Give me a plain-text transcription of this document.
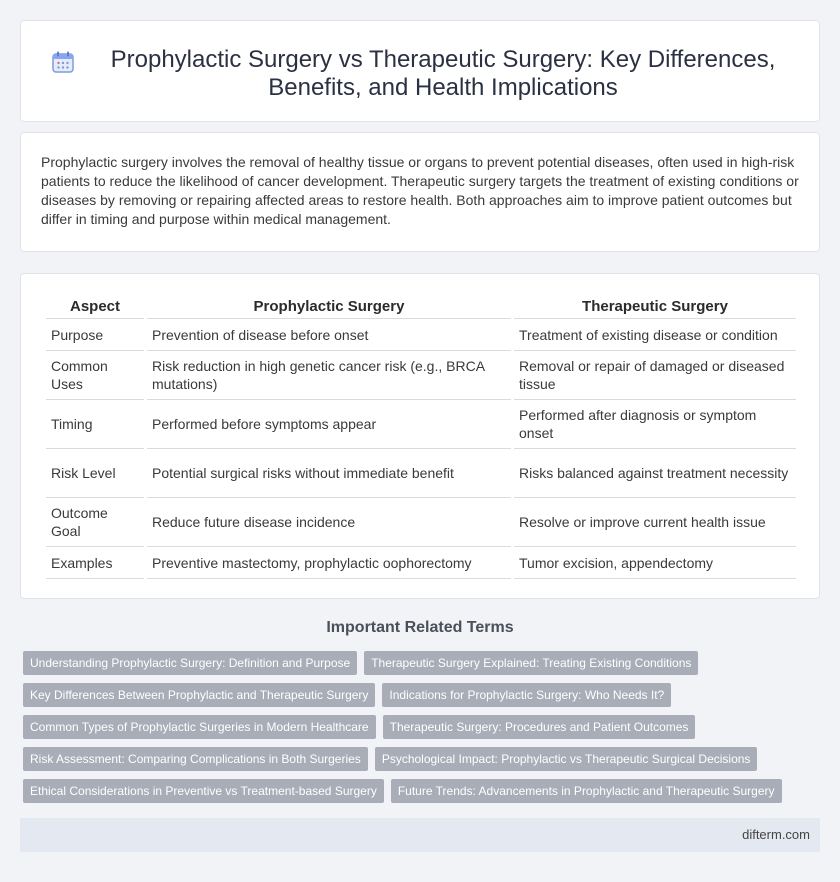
Prophylactic Surgery vs Therapeutic Surgery: Key Differences, Benefits, and Health Implications

Prophylactic surgery involves the removal of healthy tissue or organs to prevent potential diseases, often used in high-risk patients to reduce the likelihood of cancer development. Therapeutic surgery targets the treatment of existing conditions or diseases by removing or repairing affected areas to restore health. Both approaches aim to improve patient outcomes but differ in timing and purpose within medical management.

Aspect	Prophylactic Surgery	Therapeutic Surgery
Purpose	Prevention of disease before onset	Treatment of existing disease or condition
Common Uses	Risk reduction in high genetic cancer risk (e.g., BRCA mutations)	Removal or repair of damaged or diseased tissue
Timing	Performed before symptoms appear	Performed after diagnosis or symptom onset
Risk Level	Potential surgical risks without immediate benefit	Risks balanced against treatment necessity
Outcome Goal	Reduce future disease incidence	Resolve or improve current health issue
Examples	Preventive mastectomy, prophylactic oophorectomy	Tumor excision, appendectomy
Important Related Terms
Understanding Prophylactic Surgery: Definition and Purpose Therapeutic Surgery Explained: Treating Existing Conditions
Key Differences Between Prophylactic and Therapeutic Surgery Indications for Prophylactic Surgery: Who Needs It?
Common Types of Prophylactic Surgeries in Modern Healthcare Therapeutic Surgery: Procedures and Patient Outcomes
Risk Assessment: Comparing Complications in Both Surgeries Psychological Impact: Prophylactic vs Therapeutic Surgical Decisions
Ethical Considerations in Preventive vs Treatment-based Surgery Future Trends: Advancements in Prophylactic and Therapeutic Surgery
difterm.com
